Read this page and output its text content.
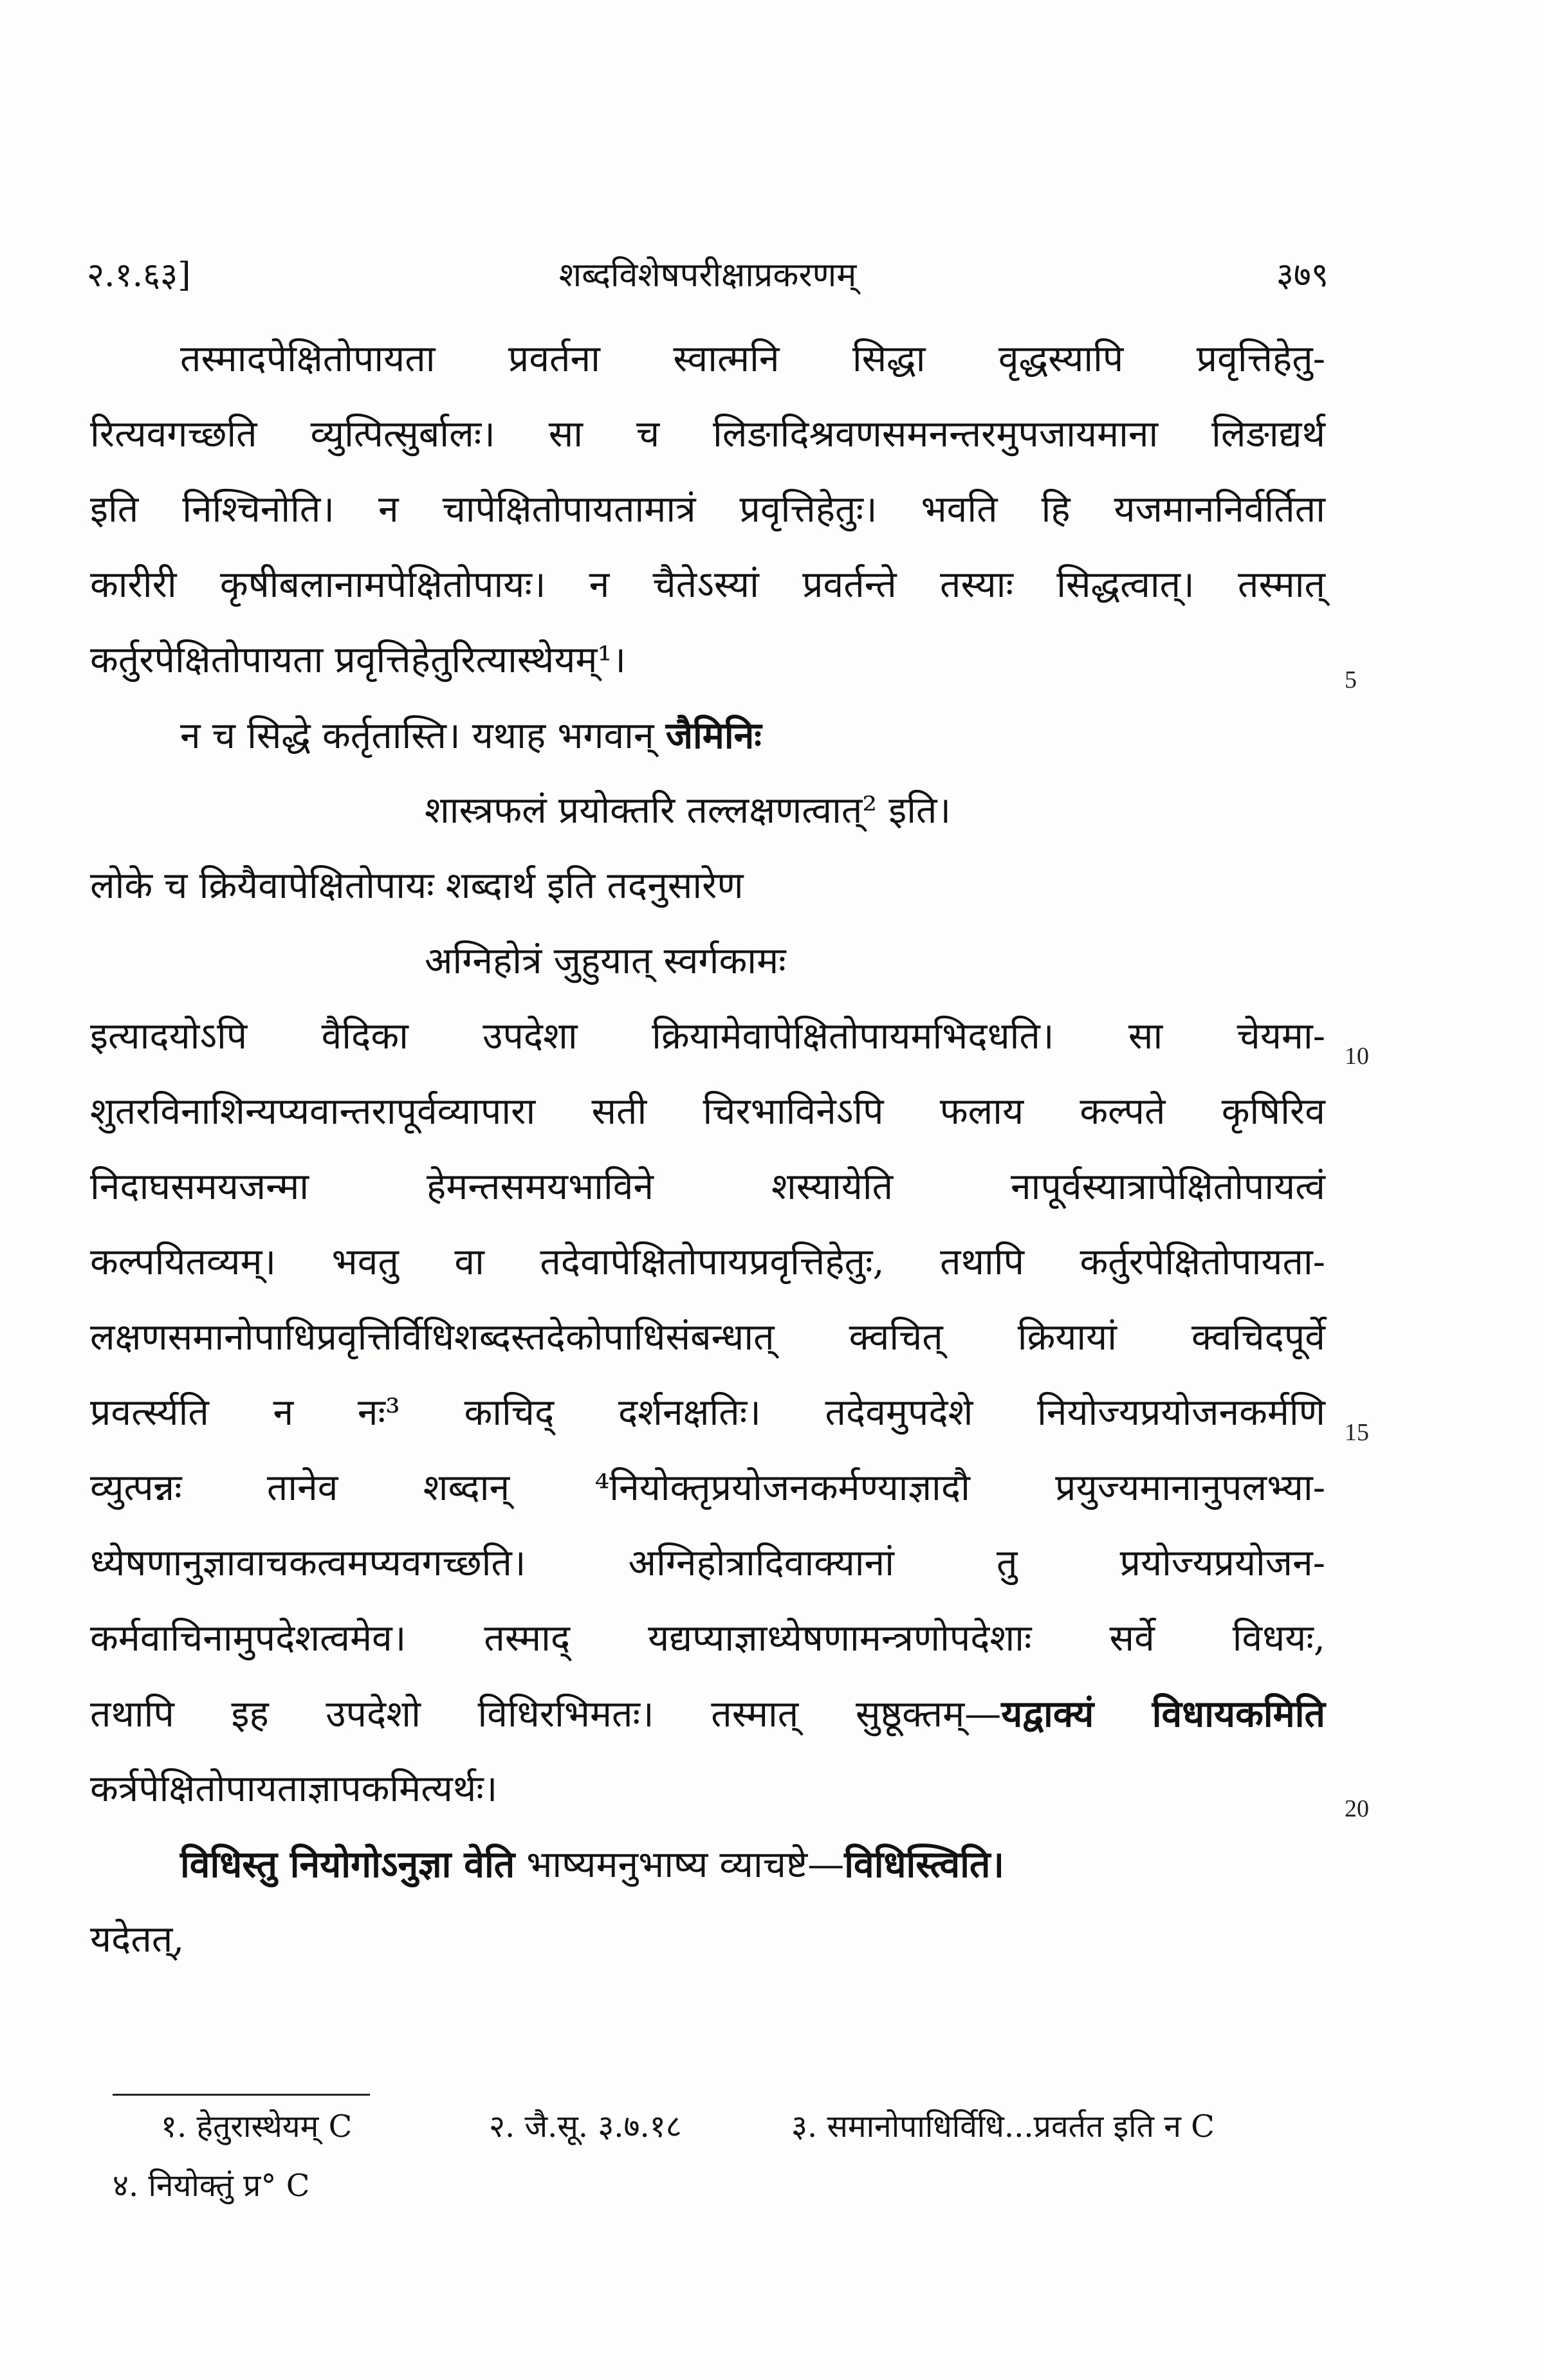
२.१.६३]	शब्दविशेषपरीक्षाप्रकरणम्	३७९
तस्मादपेक्षितोपायता प्रवर्तना स्वात्मनि सिद्धा वृद्धस्यापि प्रवृत्तिहेतु-
रित्यवगच्छति व्युत्पित्सुर्बालः। सा च लिङादिश्रवणसमनन्तरमुपजायमाना लिङाद्यर्थ
इति निश्चिनोति। न चापेक्षितोपायतामात्रं प्रवृत्तिहेतुः। भवति हि यजमाननिर्वर्तिता
कारीरी कृषीबलानामपेक्षितोपायः। न चैतेऽस्यां प्रवर्तन्ते तस्याः सिद्धत्वात्। तस्मात्
कर्तुरपेक्षितोपायता प्रवृत्तिहेतुरित्यास्थेयम्¹।
न च सिद्धे कर्तृतास्ति। यथाह भगवान् जैमिनिः
शास्त्रफलं प्रयोक्तरि तल्लक्षणत्वात्² इति।
लोके च क्रियैवापेक्षितोपायः शब्दार्थ इति तदनुसारेण
अग्निहोत्रं जुहुयात् स्वर्गकामः
इत्यादयोऽपि वैदिका उपदेशा क्रियामेवापेक्षितोपायमभिदधति। सा चेयमा-
शुतरविनाशिन्यप्यवान्तरापूर्वव्यापारा सती चिरभाविनेऽपि फलाय कल्पते कृषिरिव
निदाघसमयजन्मा हेमन्तसमयभाविने शस्यायेति नापूर्वस्यात्रापेक्षितोपायत्वं
कल्पयितव्यम्। भवतु वा तदेवापेक्षितोपायप्रवृत्तिहेतुः, तथापि कर्तुरपेक्षितोपायता-
लक्षणसमानोपाधिप्रवृत्तिर्विधिशब्दस्तदेकोपाधिसंबन्धात् क्वचित् क्रियायां क्वचिदपूर्वे
प्रवर्त्स्यति न नः³ काचिद् दर्शनक्षतिः। तदेवमुपदेशे नियोज्यप्रयोजनकर्मणि
व्युत्पन्नः तानेव शब्दान् ⁴नियोक्तृप्रयोजनकर्मण्याज्ञादौ प्रयुज्यमानानुपलभ्या-
ध्येषणानुज्ञावाचकत्वमप्यवगच्छति। अग्निहोत्रादिवाक्यानां तु प्रयोज्यप्रयोजन-
कर्मवाचिनामुपदेशत्वमेव। तस्माद् यद्यप्याज्ञाध्येषणामन्त्रणोपदेशाः सर्वे विधयः,
तथापि इह उपदेशो विधिरभिमतः। तस्मात् सुष्ठूक्तम्—यद्वाक्यं विधायकमिति
कर्त्रपेक्षितोपायताज्ञापकमित्यर्थः।
विधिस्तु नियोगोऽनुज्ञा वेति भाष्यमनुभाष्य व्याचष्टे—विधिस्त्विति।
यदेतत्,
5
10
15
20
१. हेतुरास्थेयम् C	२. जै.सू. ३.७.१८	३. समानोपाधिर्विधि...प्रवर्तत इति न C
४. नियोक्तुं प्र° C
